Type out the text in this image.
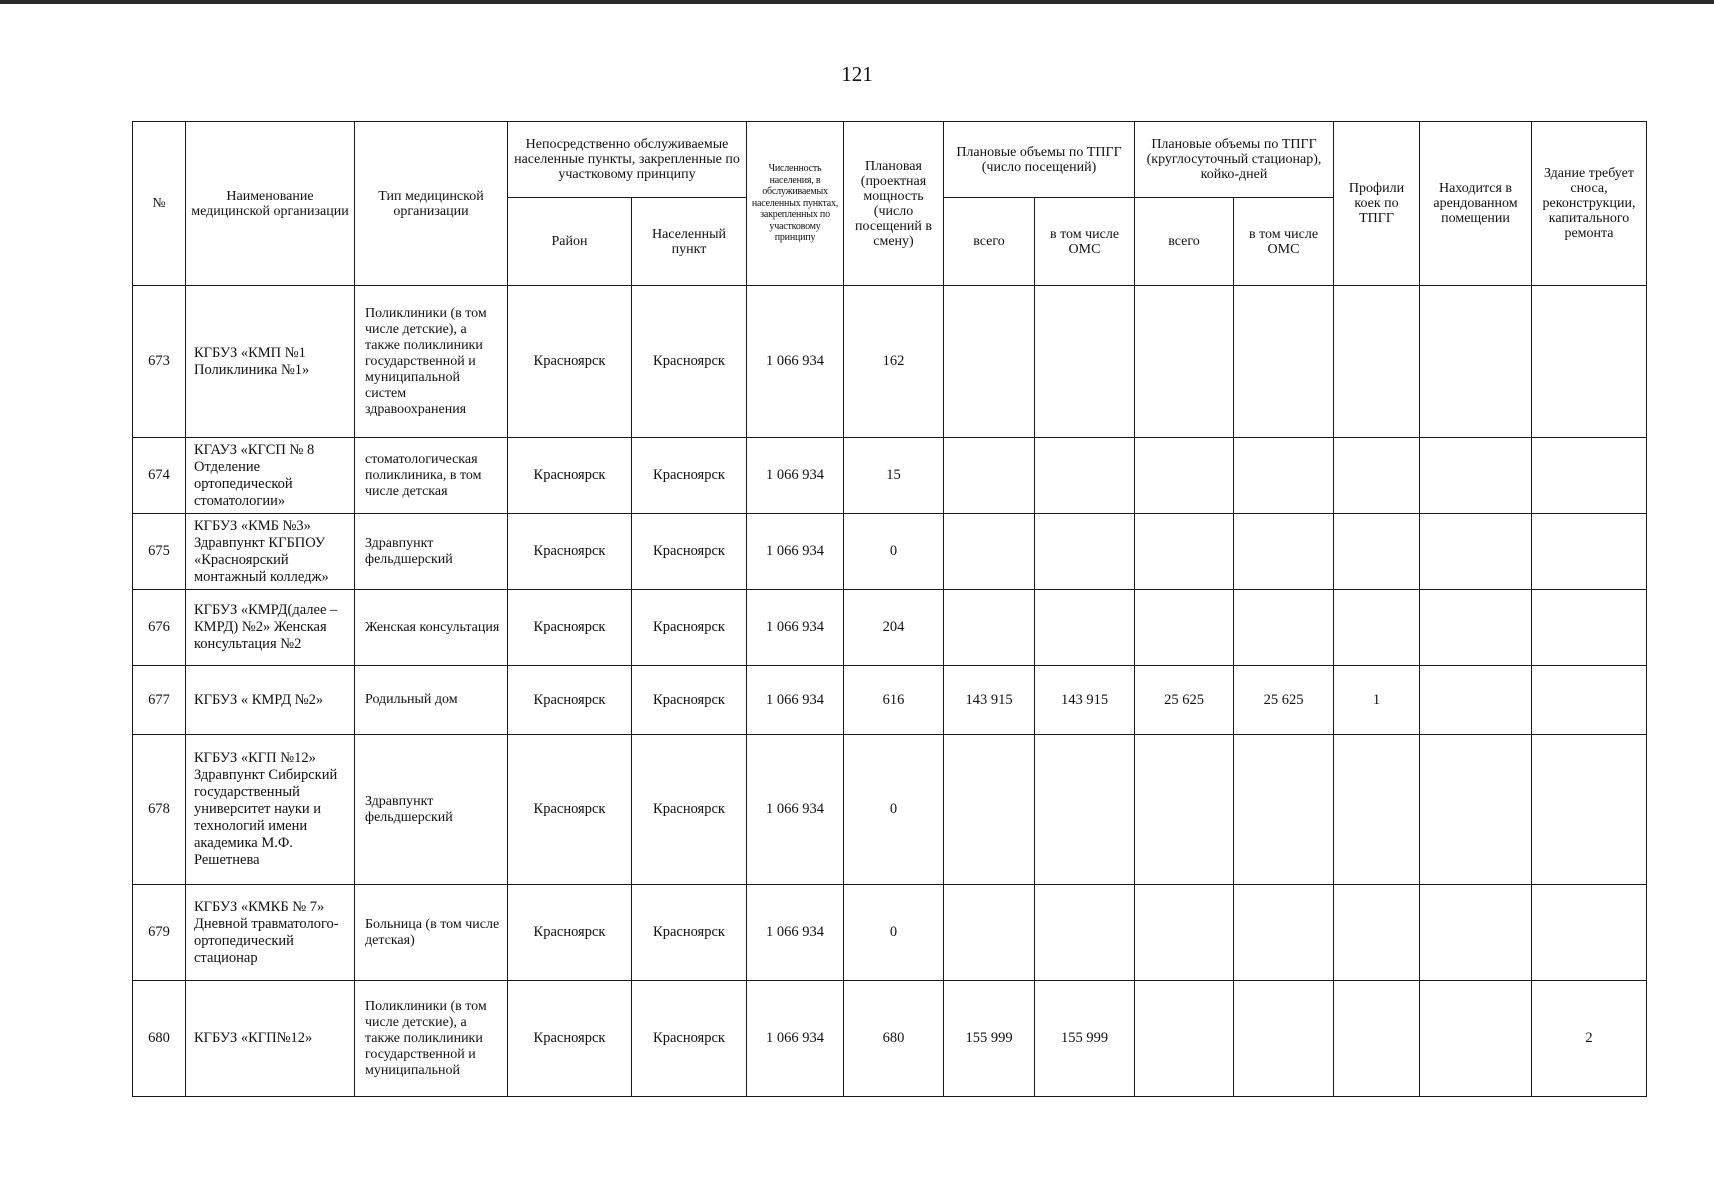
121
№	Наименование медицинской организации	Тип медицинской организации	Непосредственно обслуживаемые населенные пункты, закрепленные по участковому принципу		Численность населения, в обслуживаемых населенных пунктах, закрепленных по участковому принципу	Плановая (проектная мощность (число посещений в смену)	Плановые объемы по ТПГГ (число посещений)		Плановые объемы по ТПГГ (круглосуточный стационар), койко-дней		Профили коек по ТПГГ	Находится в арендованном помещении	Здание требует сноса, реконструкции, капитального ремонта
			Район	Населенный пункт			всего	в том числе ОМС	всего	в том числе ОМС			
673	КГБУЗ «КМП №1 Поликлиника №1»	Поликлиники (в том числе детские), а также поликлиники государственной и муниципальной систем здравоохранения	Красноярск	Красноярск	1 066 934	162							
674	КГАУЗ «КГСП № 8 Отделение ортопедической стоматологии»	стоматологическая поликлиника, в том числе детская	Красноярск	Красноярск	1 066 934	15							
675	КГБУЗ «КМБ №3» Здравпункт КГБПОУ «Красноярский монтажный колледж»	Здравпункт фельдшерский	Красноярск	Красноярск	1 066 934	0							
676	КГБУЗ «КМРД(далее – КМРД) №2» Женская консультация №2	Женская консультация	Красноярск	Красноярск	1 066 934	204							
677	КГБУЗ « КМРД №2»	Родильный дом	Красноярск	Красноярск	1 066 934	616	143 915	143 915	25 625	25 625	1		
678	КГБУЗ «КГП №12» Здравпункт Сибирский государственный университет науки и технологий имени академика М.Ф. Решетнева	Здравпункт фельдшерский	Красноярск	Красноярск	1 066 934	0							
679	КГБУЗ «КМКБ № 7» Дневной травматолого-ортопедический стационар	Больница (в том числе детская)	Красноярск	Красноярск	1 066 934	0							
680	КГБУЗ «КГП№12»	Поликлиники (в том числе детские), а также поликлиники государственной и муниципальной	Красноярск	Красноярск	1 066 934	680	155 999	155 999					2
